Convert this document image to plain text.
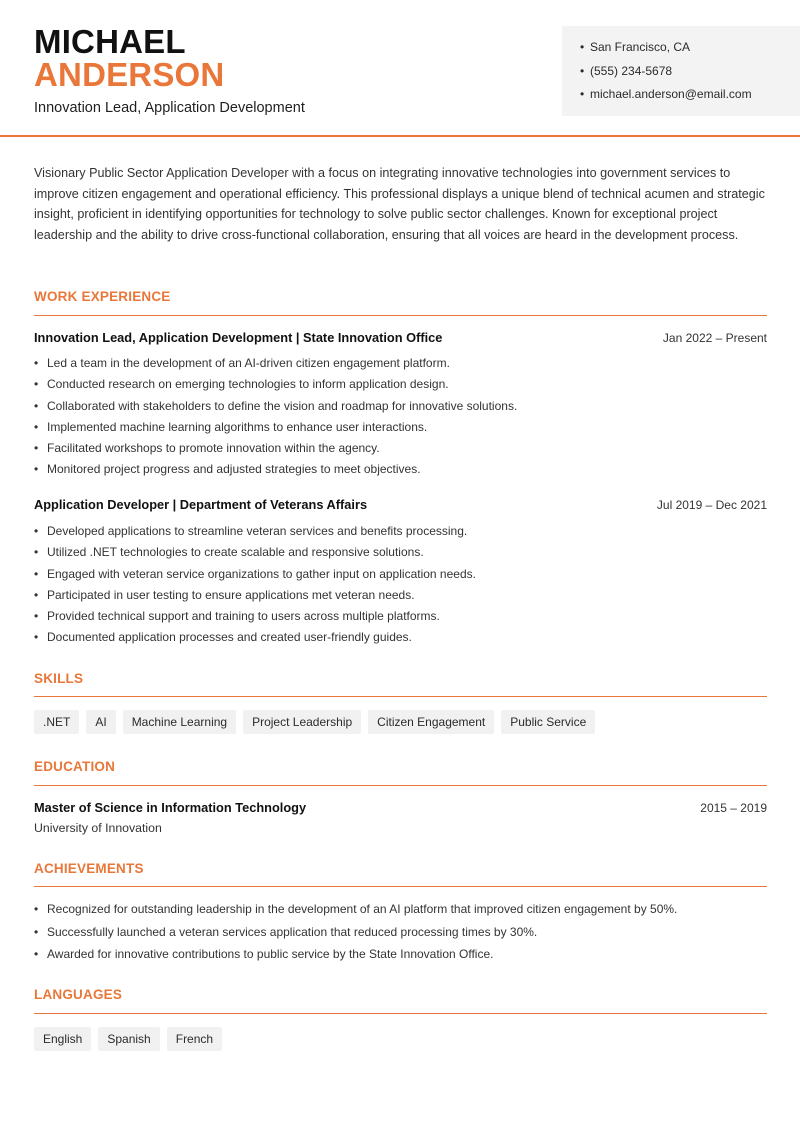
MICHAEL
ANDERSON
Innovation Lead, Application Development
• San Francisco, CA
• (555) 234-5678
• michael.anderson@email.com

Visionary Public Sector Application Developer with a focus on integrating innovative technologies into government services to improve citizen engagement and operational efficiency. This professional displays a unique blend of technical acumen and strategic insight, proficient in identifying opportunities for technology to solve public sector challenges. Known for exceptional project leadership and the ability to drive cross-functional collaboration, ensuring that all voices are heard in the development process.

WORK EXPERIENCE
Innovation Lead, Application Development | State Innovation Office	Jan 2022 – Present
• Led a team in the development of an AI-driven citizen engagement platform.
• Conducted research on emerging technologies to inform application design.
• Collaborated with stakeholders to define the vision and roadmap for innovative solutions.
• Implemented machine learning algorithms to enhance user interactions.
• Facilitated workshops to promote innovation within the agency.
• Monitored project progress and adjusted strategies to meet objectives.
Application Developer | Department of Veterans Affairs	Jul 2019 – Dec 2021
• Developed applications to streamline veteran services and benefits processing.
• Utilized .NET technologies to create scalable and responsive solutions.
• Engaged with veteran service organizations to gather input on application needs.
• Participated in user testing to ensure applications met veteran needs.
• Provided technical support and training to users across multiple platforms.
• Documented application processes and created user-friendly guides.
SKILLS
.NET	AI	Machine Learning	Project Leadership	Citizen Engagement	Public Service
EDUCATION
Master of Science in Information Technology	2015 – 2019
University of Innovation
ACHIEVEMENTS
• Recognized for outstanding leadership in the development of an AI platform that improved citizen engagement by 50%.
• Successfully launched a veteran services application that reduced processing times by 30%.
• Awarded for innovative contributions to public service by the State Innovation Office.
LANGUAGES
English	Spanish	French
